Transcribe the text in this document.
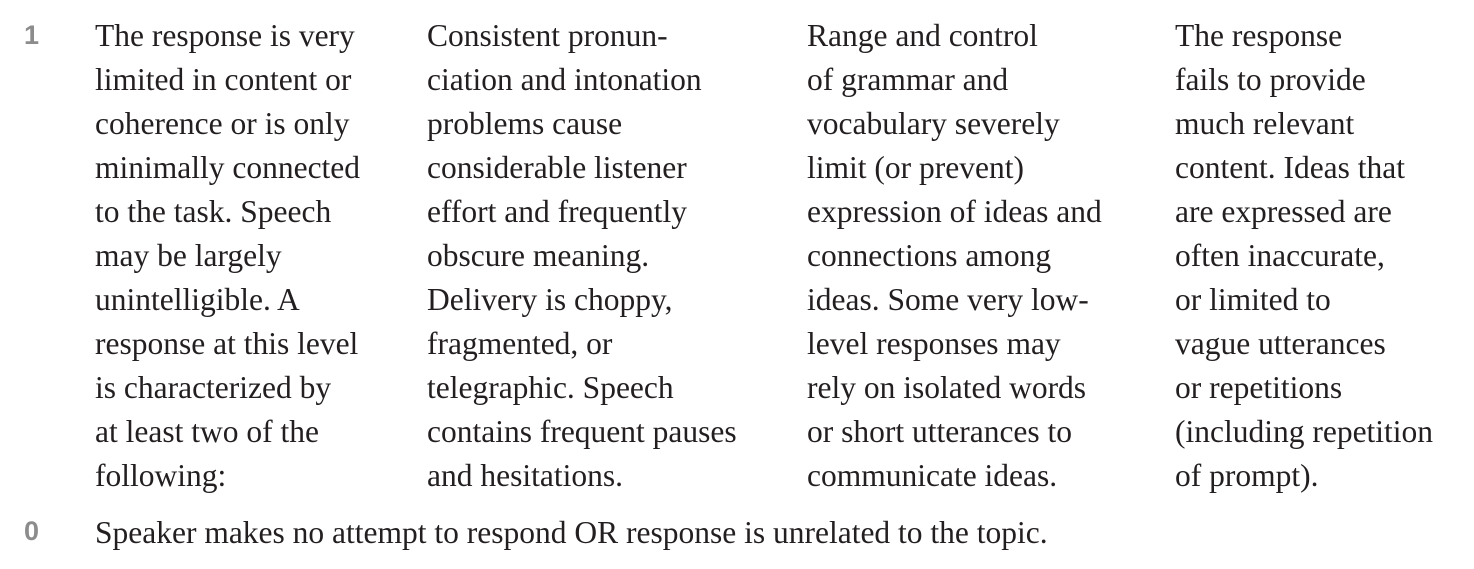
1 The response is very
limited in content or
coherence or is only
minimally connected
to the task. Speech
may be largely
unintelligible. A
response at this level
is characterized by
at least two of the
following:
Consistent pronun-
ciation and intonation
problems cause
considerable listener
effort and frequently
obscure meaning.
Delivery is choppy,
fragmented, or
telegraphic. Speech
contains frequent pauses
and hesitations.
Range and control
of grammar and
vocabulary severely
limit (or prevent)
expression of ideas and
connections among
ideas. Some very low-
level responses may
rely on isolated words
or short utterances to
communicate ideas.
The response
fails to provide
much relevant
content. Ideas that
are expressed are
often inaccurate,
or limited to
vague utterances
or repetitions
(including repetition
of prompt).
0 Speaker makes no attempt to respond OR response is unrelated to the topic.
